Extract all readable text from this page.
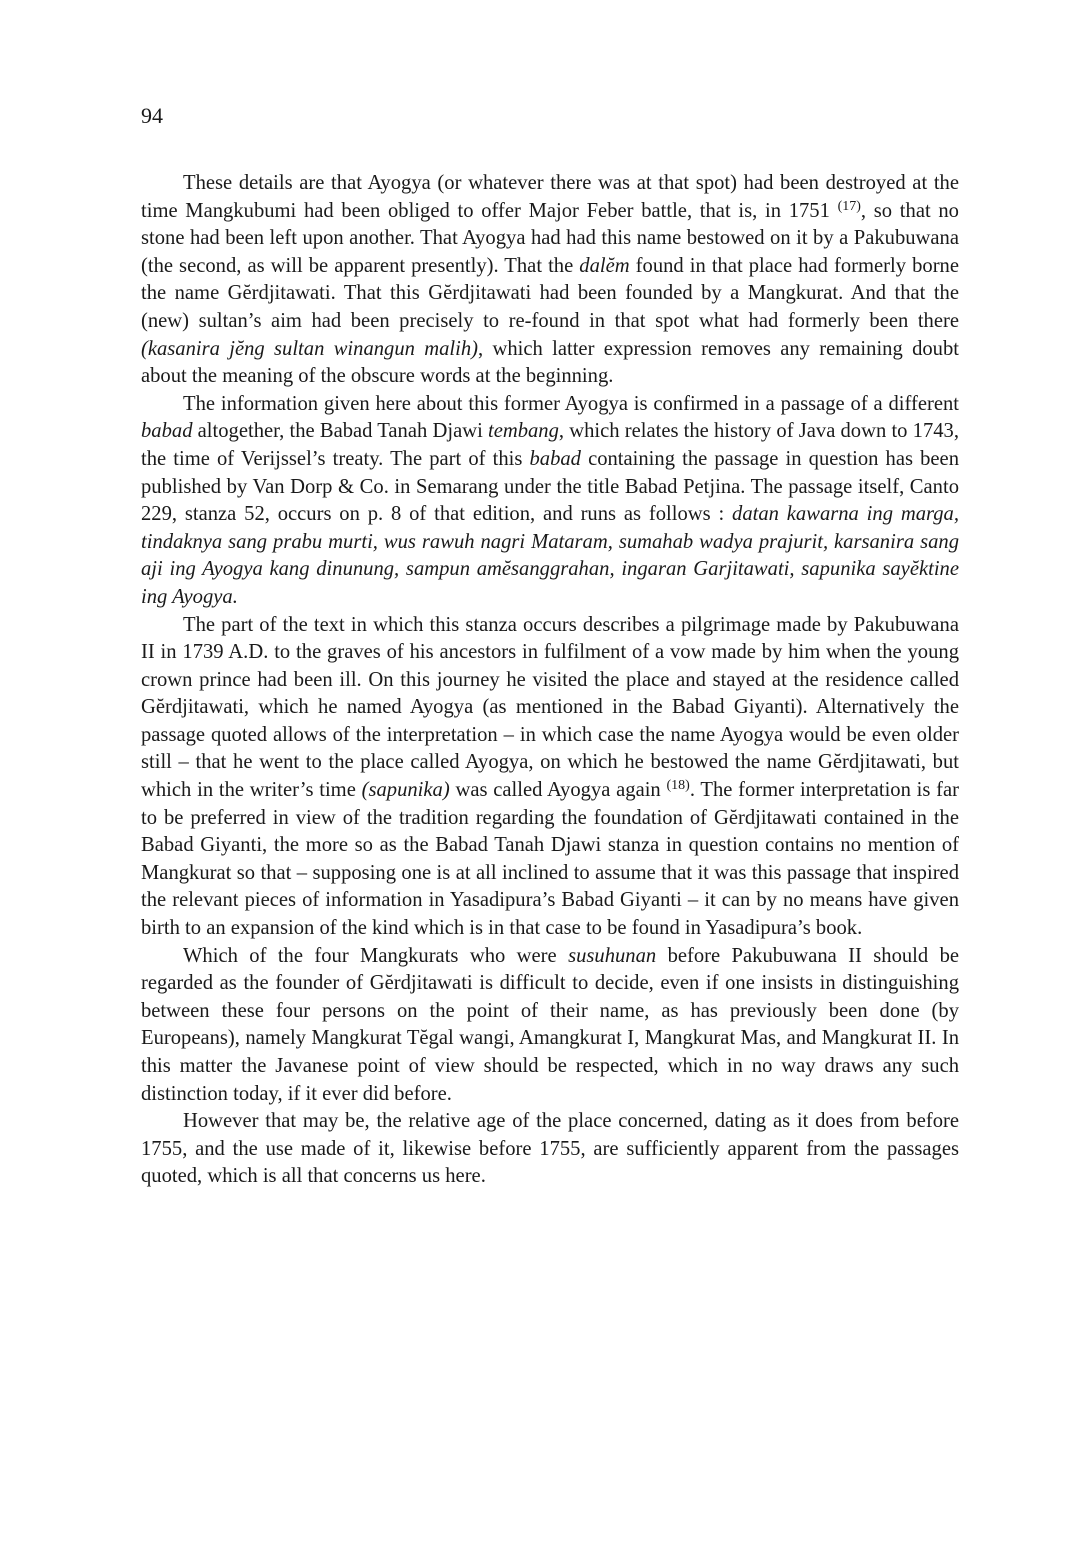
94

These details are that Ayogya (or whatever there was at that spot) had been destroyed at the time Mangkubumi had been obliged to offer Major Feber battle, that is, in 1751 $^{(17)}$, so that no stone had been left upon another. That Ayogya had had this name bestowed on it by a Pakubuwana (the second, as will be apparent presently). That the dalĕm found in that place had formerly borne the name Gĕrdjitawati. That this Gĕrdjitawati had been founded by a Mangkurat. And that the (new) sultan’s aim had been precisely to re-found in that spot what had formerly been there (kasanira jĕng sultan winangun malih), which latter expression removes any remaining doubt about the meaning of the obscure words at the beginning.

The information given here about this former Ayogya is confirmed in a passage of a different babad altogether, the Babad Tanah Djawi tembang, which relates the history of Java down to 1743, the time of Verijssel’s treaty. The part of this babad containing the passage in question has been published by Van Dorp & Co. in Semarang under the title Babad Petjina. The passage itself, Canto 229, stanza 52, occurs on p. 8 of that edition, and runs as follows : datan kawarna ing marga, tindaknya sang prabu murti, wus rawuh nagri Mataram, sumahab wadya prajurit, karsanira sang aji ing Ayogya kang dinunung, sampun amĕsanggrahan, ingaran Garjitawati, sapunika sayĕktine ing Ayogya.

The part of the text in which this stanza occurs describes a pilgrimage made by Pakubuwana II in 1739 A.D. to the graves of his ancestors in fulfilment of a vow made by him when the young crown prince had been ill. On this journey he visited the place and stayed at the residence called Gĕrdjitawati, which he named Ayogya (as mentioned in the Babad Giyanti). Alternatively the passage quoted allows of the interpretation – in which case the name Ayogya would be even older still – that he went to the place called Ayogya, on which he bestowed the name Gĕrdjitawati, but which in the writer’s time (sapunika) was called Ayogya again $^{(18)}$. The former interpretation is far to be preferred in view of the tradition regarding the foundation of Gĕrdjitawati contained in the Babad Giyanti, the more so as the Babad Tanah Djawi stanza in question contains no mention of Mangkurat so that – supposing one is at all inclined to assume that it was this passage that inspired the relevant pieces of information in Yasadipura’s Babad Giyanti – it can by no means have given birth to an expansion of the kind which is in that case to be found in Yasadipura’s book.

Which of the four Mangkurats who were susuhunan before Pakubuwana II should be regarded as the founder of Gĕrdjitawati is difficult to decide, even if one insists in distinguishing between these four persons on the point of their name, as has previously been done (by Europeans), namely Mangkurat Tĕgal wangi, Amangkurat I, Mangkurat Mas, and Mangkurat II. In this matter the Javanese point of view should be respected, which in no way draws any such distinction today, if it ever did before.

However that may be, the relative age of the place concerned, dating as it does from before 1755, and the use made of it, likewise before 1755, are sufficiently apparent from the passages quoted, which is all that concerns us here.
